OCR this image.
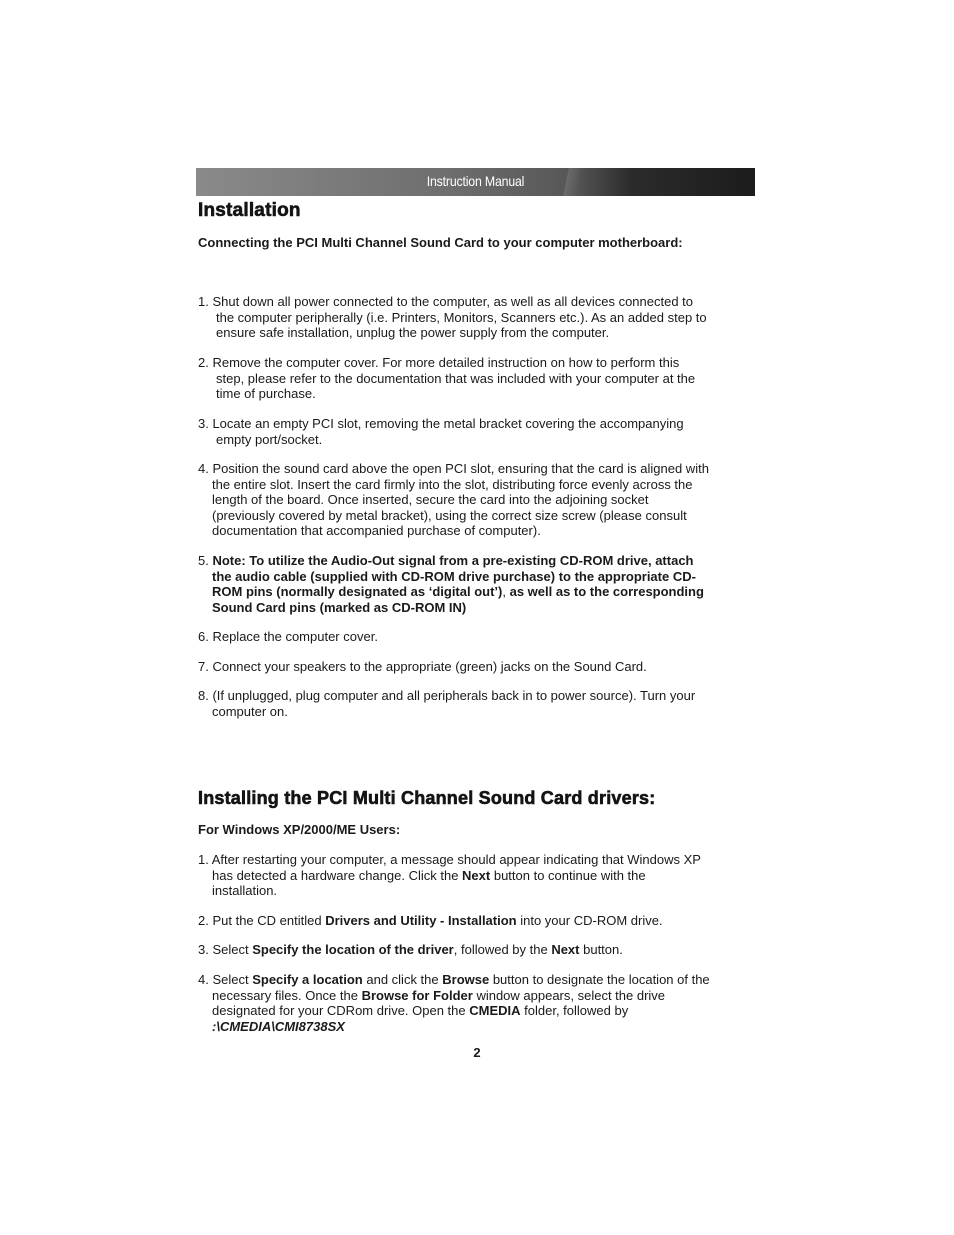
Instruction Manual
Installation

Connecting the PCI Multi Channel Sound Card to your computer motherboard:

1. Shut down all power connected to the computer, as well as all devices connected to
the computer peripherally (i.e. Printers, Monitors, Scanners etc.). As an added step to
ensure safe installation, unplug the power supply from the computer.
2. Remove the computer cover. For more detailed instruction on how to perform this
step, please refer to the documentation that was included with your computer at the
time of purchase.
3. Locate an empty PCI slot, removing the metal bracket covering the accompanying
empty port/socket.
4. Position the sound card above the open PCI slot, ensuring that the card is aligned with
the entire slot. Insert the card firmly into the slot, distributing force evenly across the
length of the board. Once inserted, secure the card into the adjoining socket
(previously covered by metal bracket), using the correct size screw (please consult
documentation that accompanied purchase of computer).
5. Note: To utilize the Audio-Out signal from a pre-existing CD-ROM drive, attach
the audio cable (supplied with CD-ROM drive purchase) to the appropriate CD-
ROM pins (normally designated as ‘digital out’), as well as to the corresponding
Sound Card pins (marked as CD-ROM IN)
6. Replace the computer cover.
7. Connect your speakers to the appropriate (green) jacks on the Sound Card.
8. (If unplugged, plug computer and all peripherals back in to power source). Turn your
computer on.
Installing the PCI Multi Channel Sound Card drivers:

For Windows XP/2000/ME Users:

1. After restarting your computer, a message should appear indicating that Windows XP
has detected a hardware change. Click the Next button to continue with the
installation.
2. Put the CD entitled Drivers and Utility - Installation into your CD-ROM drive.
3. Select Specify the location of the driver, followed by the Next button.
4. Select Specify a location and click the Browse button to designate the location of the
necessary files. Once the Browse for Folder window appears, select the drive
designated for your CDRom drive. Open the CMEDIA folder, followed by
:\CMEDIA\CMI8738SX
2
